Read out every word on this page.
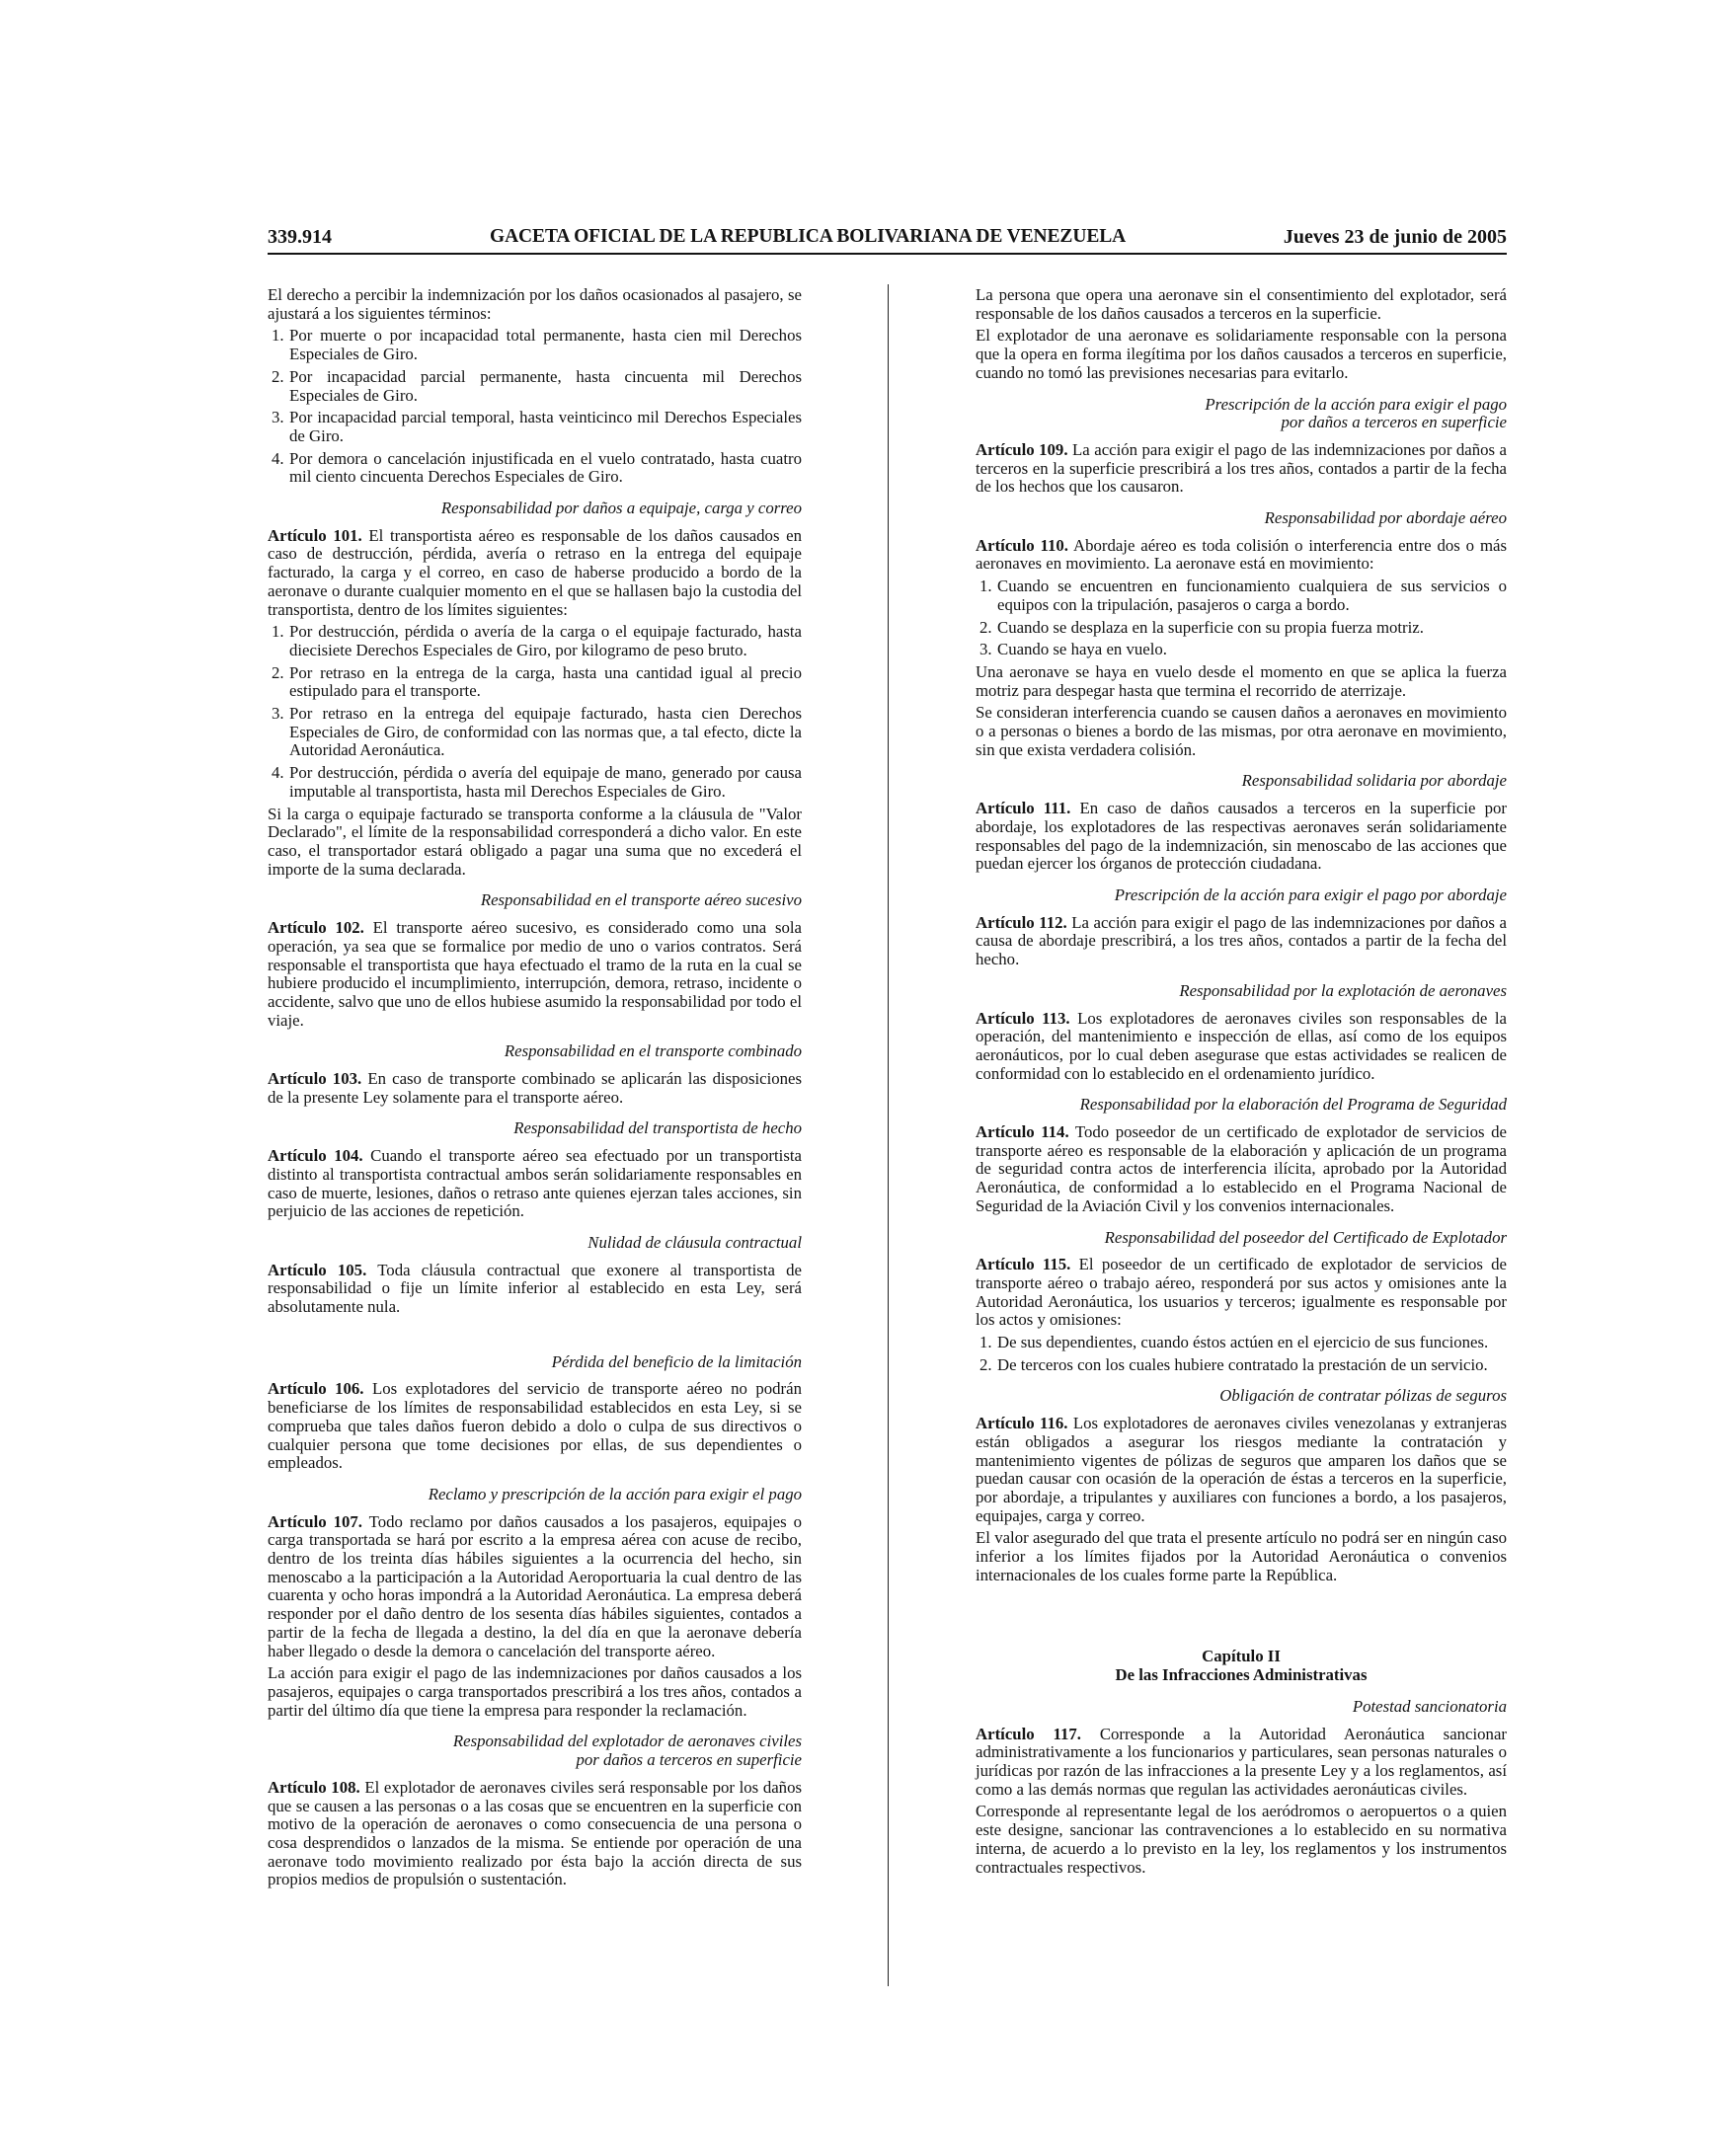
339.914	GACETA OFICIAL DE LA REPUBLICA BOLIVARIANA DE VENEZUELA	Jueves 23 de junio de 2005

El derecho a percibir la indemnización por los daños ocasionados al pasajero, se ajustará a los siguientes términos:

1. Por muerte o por incapacidad total permanente, hasta cien mil Derechos Especiales de Giro.
2. Por incapacidad parcial permanente, hasta cincuenta mil Derechos Especiales de Giro.
3. Por incapacidad parcial temporal, hasta veinticinco mil Derechos Especiales de Giro.
4. Por demora o cancelación injustificada en el vuelo contratado, hasta cuatro mil ciento cincuenta Derechos Especiales de Giro.
Responsabilidad por daños a equipaje, carga y correo

Artículo 101. El transportista aéreo es responsable de los daños causados en caso de destrucción, pérdida, avería o retraso en la entrega del equipaje facturado, la carga y el correo, en caso de haberse producido a bordo de la aeronave o durante cualquier momento en el que se hallasen bajo la custodia del transportista, dentro de los límites siguientes:

1. Por destrucción, pérdida o avería de la carga o el equipaje facturado, hasta diecisiete Derechos Especiales de Giro, por kilogramo de peso bruto.
2. Por retraso en la entrega de la carga, hasta una cantidad igual al precio estipulado para el transporte.
3. Por retraso en la entrega del equipaje facturado, hasta cien Derechos Especiales de Giro, de conformidad con las normas que, a tal efecto, dicte la Autoridad Aeronáutica.
4. Por destrucción, pérdida o avería del equipaje de mano, generado por causa imputable al transportista, hasta mil Derechos Especiales de Giro.

Si la carga o equipaje facturado se transporta conforme a la cláusula de "Valor Declarado", el límite de la responsabilidad corresponderá a dicho valor. En este caso, el transportador estará obligado a pagar una suma que no excederá el importe de la suma declarada.

Responsabilidad en el transporte aéreo sucesivo

Artículo 102. El transporte aéreo sucesivo, es considerado como una sola operación, ya sea que se formalice por medio de uno o varios contratos. Será responsable el transportista que haya efectuado el tramo de la ruta en la cual se hubiere producido el incumplimiento, interrupción, demora, retraso, incidente o accidente, salvo que uno de ellos hubiese asumido la responsabilidad por todo el viaje.

Responsabilidad en el transporte combinado

Artículo 103. En caso de transporte combinado se aplicarán las disposiciones de la presente Ley solamente para el transporte aéreo.

Responsabilidad del transportista de hecho

Artículo 104. Cuando el transporte aéreo sea efectuado por un transportista distinto al transportista contractual ambos serán solidariamente responsables en caso de muerte, lesiones, daños o retraso ante quienes ejerzan tales acciones, sin perjuicio de las acciones de repetición.

Nulidad de cláusula contractual

Artículo 105. Toda cláusula contractual que exonere al transportista de responsabilidad o fije un límite inferior al establecido en esta Ley, será absolutamente nula.

Pérdida del beneficio de la limitación

Artículo 106. Los explotadores del servicio de transporte aéreo no podrán beneficiarse de los límites de responsabilidad establecidos en esta Ley, si se comprueba que tales daños fueron debido a dolo o culpa de sus directivos o cualquier persona que tome decisiones por ellas, de sus dependientes o empleados.

Reclamo y prescripción de la acción para exigir el pago

Artículo 107. Todo reclamo por daños causados a los pasajeros, equipajes o carga transportada se hará por escrito a la empresa aérea con acuse de recibo, dentro de los treinta días hábiles siguientes a la ocurrencia del hecho, sin menoscabo a la participación a la Autoridad Aeroportuaria la cual dentro de las cuarenta y ocho horas impondrá a la Autoridad Aeronáutica. La empresa deberá responder por el daño dentro de los sesenta días hábiles siguientes, contados a partir de la fecha de llegada a destino, la del día en que la aeronave debería haber llegado o desde la demora o cancelación del transporte aéreo.

La acción para exigir el pago de las indemnizaciones por daños causados a los pasajeros, equipajes o carga transportados prescribirá a los tres años, contados a partir del último día que tiene la empresa para responder la reclamación.

Responsabilidad del explotador de aeronaves civiles
por daños a terceros en superficie

Artículo 108. El explotador de aeronaves civiles será responsable por los daños que se causen a las personas o a las cosas que se encuentren en la superficie con motivo de la operación de aeronaves o como consecuencia de una persona o cosa desprendidos o lanzados de la misma. Se entiende por operación de una aeronave todo movimiento realizado por ésta bajo la acción directa de sus propios medios de propulsión o sustentación.

La persona que opera una aeronave sin el consentimiento del explotador, será responsable de los daños causados a terceros en la superficie.

El explotador de una aeronave es solidariamente responsable con la persona que la opera en forma ilegítima por los daños causados a terceros en superficie, cuando no tomó las previsiones necesarias para evitarlo.

Prescripción de la acción para exigir el pago
por daños a terceros en superficie

Artículo 109. La acción para exigir el pago de las indemnizaciones por daños a terceros en la superficie prescribirá a los tres años, contados a partir de la fecha de los hechos que los causaron.

Responsabilidad por abordaje aéreo

Artículo 110. Abordaje aéreo es toda colisión o interferencia entre dos o más aeronaves en movimiento. La aeronave está en movimiento:

1. Cuando se encuentren en funcionamiento cualquiera de sus servicios o equipos con la tripulación, pasajeros o carga a bordo.
2. Cuando se desplaza en la superficie con su propia fuerza motriz.
3. Cuando se haya en vuelo.

Una aeronave se haya en vuelo desde el momento en que se aplica la fuerza motriz para despegar hasta que termina el recorrido de aterrizaje.

Se consideran interferencia cuando se causen daños a aeronaves en movimiento o a personas o bienes a bordo de las mismas, por otra aeronave en movimiento, sin que exista verdadera colisión.

Responsabilidad solidaria por abordaje

Artículo 111. En caso de daños causados a terceros en la superficie por abordaje, los explotadores de las respectivas aeronaves serán solidariamente responsables del pago de la indemnización, sin menoscabo de las acciones que puedan ejercer los órganos de protección ciudadana.

Prescripción de la acción para exigir el pago por abordaje

Artículo 112. La acción para exigir el pago de las indemnizaciones por daños a causa de abordaje prescribirá, a los tres años, contados a partir de la fecha del hecho.

Responsabilidad por la explotación de aeronaves

Artículo 113. Los explotadores de aeronaves civiles son responsables de la operación, del mantenimiento e inspección de ellas, así como de los equipos aeronáuticos, por lo cual deben asegurase que estas actividades se realicen de conformidad con lo establecido en el ordenamiento jurídico.

Responsabilidad por la elaboración del Programa de Seguridad

Artículo 114. Todo poseedor de un certificado de explotador de servicios de transporte aéreo es responsable de la elaboración y aplicación de un programa de seguridad contra actos de interferencia ilícita, aprobado por la Autoridad Aeronáutica, de conformidad a lo establecido en el Programa Nacional de Seguridad de la Aviación Civil y los convenios internacionales.

Responsabilidad del poseedor del Certificado de Explotador

Artículo 115. El poseedor de un certificado de explotador de servicios de transporte aéreo o trabajo aéreo, responderá por sus actos y omisiones ante la Autoridad Aeronáutica, los usuarios y terceros; igualmente es responsable por los actos y omisiones:

1. De sus dependientes, cuando éstos actúen en el ejercicio de sus funciones.
2. De terceros con los cuales hubiere contratado la prestación de un servicio.
Obligación de contratar pólizas de seguros

Artículo 116. Los explotadores de aeronaves civiles venezolanas y extranjeras están obligados a asegurar los riesgos mediante la contratación y mantenimiento vigentes de pólizas de seguros que amparen los daños que se puedan causar con ocasión de la operación de éstas a terceros en la superficie, por abordaje, a tripulantes y auxiliares con funciones a bordo, a los pasajeros, equipajes, carga y correo.

El valor asegurado del que trata el presente artículo no podrá ser en ningún caso inferior a los límites fijados por la Autoridad Aeronáutica o convenios internacionales de los cuales forme parte la República.

Capítulo II
De las Infracciones Administrativas
Potestad sancionatoria

Artículo 117. Corresponde a la Autoridad Aeronáutica sancionar administrativamente a los funcionarios y particulares, sean personas naturales o jurídicas por razón de las infracciones a la presente Ley y a los reglamentos, así como a las demás normas que regulan las actividades aeronáuticas civiles.

Corresponde al representante legal de los aeródromos o aeropuertos o a quien este designe, sancionar las contravenciones a lo establecido en su normativa interna, de acuerdo a lo previsto en la ley, los reglamentos y los instrumentos contractuales respectivos.
